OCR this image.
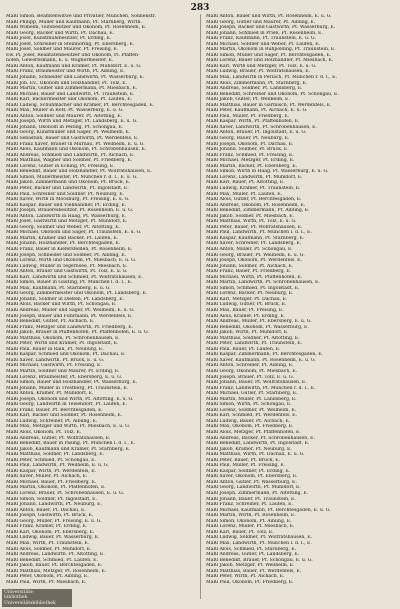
283
Maßl Simon, Beamtenwitwe und Privatier, München, Sonnenstr.
Maßl Philipp, Müller und Kaufmann, Pt. Starnberg, Wirth.
Maßl Wilhelm, Gutsbesitzer und Ökonom, Pt. Rosenheim, E.
Maßl Georg, Bäcker und Wirth, Pt. Dachau, E.
Maßl Josef, Kunstmühlbesitzer, Pt. Erding, E.
Maßl Josef, Schreiner in Steinhöring, Pt. Ebersberg, E.
Maßl Josef, Söldner und Maurer, Pt. Freising, E.
Ew. Pl. Josef, Realitätenbesitzer und Ökonom, Pl. Pfaffen-
hofen, Gewerbsmann, E. u. Wagnermeister, E.
Maßl Anton, Kaufmann und Krämer, Pt. Mühldorf, E. u. G.
Maßl Franz, Bräumeister und Wirth, Pt. Aibling, E.
Maßl Johann, Schneider und Landwirth, Pt. Wasserburg, E.
Maßl Joh. Ev., Ökonom und Holzhändler, Pt. Tölz, E.
Maßl Martin, Gütler und Zimmermann, Pt. Miesbach, E.
Maßl Michael, Bauer und Landwirth, Pt. Traunstein, E.
Maßl Karl, Bäckermeister und Ökonom, Pt. Laufen, E.
Maßl Ludwig, Schuhmacher und Krämer, Pt. Berchtesgaden, E.
Maßl Max, Müller in Rott, Pt. Wasserburg, E. u. G.
Maßl Anton, Söldner und Maurer, Pt. Altötting, E.
Maßl Joseph, Wirth und Metzger, Pt. Landsberg, E. u. G.
Maßl Johann, Ökonom in Peiting, Pt. Schongau, E.
Maßl Georg, Kunstmüller und Säger, Pt. Weilheim, E.
Maßl Sebastian, Bauer und Gastwirth, Pt. Werdenfels, E.
Maßl Franz Xaver, Bräuer in Murnau, Pt. Weilheim, E. u. G.
Maßl Alois, Kaufmann und Ökonom, Pt. Schrobenhausen, E.
Maßl Andreas, Schmied und Landwirth, Pt. Aichach, E.
Maßl Matthias, Wagner und Söldner, Pt. Friedberg, E.
Maßl Lorenz, Gütler in Eching, Pt. Freising, E.
Maßl Benedikt, Bauer und Holzhändler, Pt. Wolfratshausen, E.
Maßl Simon, Müllermeister, Pt. München r. d. I., E. u. G.
Maßl Jakob, Zimmermann und Ökonom, Pt. Bruck, E.
Maßl Peter, Bäcker und Landwirth, Pt. Ingolstadt, E.
Maßl Paul, Schreiner und Söldner, Pt. Neuburg, E.
Maßl Xaver, Wirth in Moosburg, Pt. Freising, E. u. G.
Maßl Kaspar, Bauer und Viehhändler, Pt. Erding, E.
Maßl Joseph, Brauereibesitzer, Pt. Rosenheim, E. u. G.
Maßl Anton, Landwirth in Haag, Pt. Wasserburg, E.
Maßl Josef, Gastwirth und Metzger, Pt. Mühldorf, E.
Maßl Georg, Söldner und Weber, Pt. Altötting, E.
Maßl Michael, Ökonom und Säger, Pt. Traunstein, E. u. G.
Maßl Martin, Krämer und Bäcker, Pt. Laufen, E.
Maßl Johann, Holzhändler, Pt. Berchtesgaden, E.
Maßl Franz, Bauer in Kiefersfelden, Pt. Rosenheim, E.
Maßl Joseph, Schneider und Söldner, Pt. Aibling, E.
Maßl Lorenz, Wirth und Ökonom, Pt. Miesbach, E. u. G.
Maßl Ludwig, Müller in Tegernsee, Pt. Miesbach, E.
Maßl Anton, Bräuer und Gastwirth, Pt. Tölz, E. u. G.
Maßl Karl, Landwirth und Schmied, Pt. Wolfratshausen, E.
Maßl Simon, Bauer in Gauting, Pt. München l. d. I., E.
Maßl Max, Kaufmann, Pt. Starnberg, E. u. G.
Maßl Georg, Zimmermeister und Ökonom, Pt. Landsberg, E.
Maßl Johann, Söldner in Dießen, Pt. Landsberg, E.
Maßl Alois, Bäcker und Wirth, Pt. Schongau, E.
Maßl Andreas, Müller und Säger, Pt. Weilheim, E. u. G.
Maßl Joseph, Bauer und Fuhrmann, Pt. Werdenfels, E.
Maßl Benedikt, Gütler, Pt. Aichach, E.
Maßl Franz, Metzger und Landwirth, Pt. Friedberg, E.
Maßl Jakob, Brauer in Pfaffenhofen, Pt. Pfaffenhofen, E. u. G.
Maßl Matthias, Ökonom, Pt. Schrobenhausen, E.
Maßl Peter, Wirth und Krämer, Pt. Ingolstadt, E.
Maßl Paul, Bauer in Rain, Pt. Neuburg, E.
Maßl Kaspar, Schmied und Ökonom, Pt. Dachau, E.
Maßl Xaver, Landwirth, Pt. Bruck, E. u. G.
Maßl Michael, Gastwirth, Pt. Freising, E.
Maßl Martin, Söldner und Maurer, Pt. Erding, E.
Maßl Lorenz, Bräumeister, Pt. Ebersberg, E. u. G.
Maßl Simon, Bauer und Holzhändler, Pt. Wasserburg, E.
Maßl Johann, Müller in Trostberg, Pt. Traunstein, E.
Maßl Anton, Krämer, Pt. Mühldorf, E.
Maßl Joseph, Ökonom und Wirth, Pt. Altötting, E. u. G.
Maßl Georg, Landwirth in Teisendorf, Pt. Laufen, E.
Maßl Franz, Bauer, Pt. Berchtesgaden, E.
Maßl Karl, Bäcker und Söldner, Pt. Rosenheim, E.
Maßl Ludwig, Schreiner, Pt. Aibling, E.
Maßl Max, Metzger und Wirth, Pt. Miesbach, E. u. G.
Maßl Alois, Ökonom, Pt. Tölz, E.
Maßl Andreas, Gütler, Pt. Wolfratshausen, E.
Maßl Benedikt, Bauer in Pasing, Pt. München l. d. I., E.
Maßl Jakob, Kaufmann und Krämer, Pt. Starnberg, E.
Maßl Matthias, Söldner, Pt. Landsberg, E.
Maßl Peter, Schmied, Pt. Schongau, E.
Maßl Paul, Landwirth, Pt. Weilheim, E. u. G.
Maßl Kaspar, Wirth, Pt. Werdenfels, E.
Maßl Xaver, Müller, Pt. Aichach, E.
Maßl Michael, Bauer, Pt. Friedberg, E.
Maßl Martin, Ökonom, Pt. Pfaffenhofen, E.
Maßl Lorenz, Brauer, Pt. Schrobenhausen, E. u. G.
Maßl Simon, Söldner, Pt. Ingolstadt, E.
Maßl Johann, Landwirth, Pt. Neuburg, E.
Maßl Anton, Bauer, Pt. Dachau, E.
Maßl Joseph, Gastwirth, Pt. Bruck, E.
Maßl Georg, Müller, Pt. Freising, E. u. G.
Maßl Franz, Krämer, Pt. Erding, E.
Maßl Karl, Ökonom, Pt. Ebersberg, E.
Maßl Ludwig, Bauer, Pt. Wasserburg, E.
Maßl Max, Wirth, Pt. Traunstein, E.
Maßl Alois, Söldner, Pt. Mühldorf, E.
Maßl Andreas, Landwirth, Pt. Altötting, E.
Maßl Benedikt, Schmied, Pt. Laufen, E.
Maßl Jakob, Bauer, Pt. Berchtesgaden, E.
Maßl Matthias, Metzger, Pt. Rosenheim, E.
Maßl Peter, Ökonom, Pt. Aibling, E.
Maßl Paul, Wirth, Pt. Miesbach, E.
Maßl Anton, Bauer und Wirth, Pt. Rosenheim, E. u. G.
Maßl Georg, Gütler und Maurer, Pt. Aibling, E.
Maßl Joseph, Bäcker und Gastwirth, Pt. Wasserburg, E.
Maßl Johann, Schmied in Prien, Pt. Rosenheim, E.
Maßl Franz, Kaufmann, Pt. Traunstein, E. u. G.
Maßl Michael, Söldner und Weber, Pt. Laufen, E.
Maßl Martin, Ökonom in Ruhpolding, Pt. Traunstein, E.
Maßl Simon, Müller und Säger, Pt. Berchtesgaden, E.
Maßl Lorenz, Bauer und Holzhändler, Pt. Miesbach, E.
Maßl Karl, Wirth und Metzger, Pt. Tölz, E. u. G.
Maßl Ludwig, Brauer, Pt. Wolfratshausen, E.
Maßl Max, Landwirth in Perlach, Pt. München r. d. I., E.
Maßl Alois, Zimmermann, Pt. Starnberg, E.
Maßl Andreas, Söldner, Pt. Landsberg, E.
Maßl Benedikt, Schreiner und Ökonom, Pt. Schongau, E.
Maßl Jakob, Gütler, Pt. Weilheim, E.
Maßl Matthias, Bauer in Garmisch, Pt. Werdenfels, E.
Maßl Peter, Kaufmann, Pt. Aichach, E. u. G.
Maßl Paul, Müller, Pt. Friedberg, E.
Maßl Kaspar, Wirth, Pt. Pfaffenhofen, E.
Maßl Xaver, Landwirth, Pt. Schrobenhausen, E.
Maßl Anton, Bräuer, Pt. Ingolstadt, E. u. G.
Maßl Georg, Bauer, Pt. Neuburg, E.
Maßl Joseph, Ökonom, Pt. Dachau, E.
Maßl Johann, Söldner, Pt. Bruck, E.
Maßl Franz, Schmied, Pt. Freising, E.
Maßl Michael, Metzger, Pt. Erding, E.
Maßl Martin, Bäcker, Pt. Ebersberg, E.
Maßl Simon, Wirth in Haag, Pt. Wasserburg, E. u. G.
Maßl Lorenz, Landwirth, Pt. Mühldorf, E.
Maßl Karl, Bauer, Pt. Altötting, E.
Maßl Ludwig, Krämer, Pt. Traunstein, E.
Maßl Max, Müller, Pt. Laufen, E.
Maßl Alois, Gütler, Pt. Berchtesgaden, E.
Maßl Andreas, Ökonom, Pt. Rosenheim, E.
Maßl Benedikt, Zimmermann, Pt. Aibling, E.
Maßl Jakob, Söldner, Pt. Miesbach, E.
Maßl Matthias, Wirth, Pt. Tölz, E. u. G.
Maßl Peter, Bauer, Pt. Wolfratshausen, E.
Maßl Paul, Landwirth, Pt. München l. d. I., E.
Maßl Kaspar, Kaufmann, Pt. Starnberg, E.
Maßl Xaver, Schreiner, Pt. Landsberg, E.
Maßl Anton, Müller, Pt. Schongau, E.
Maßl Georg, Brauer, Pt. Weilheim, E. u. G.
Maßl Joseph, Ökonom, Pt. Werdenfels, E.
Maßl Johann, Söldner, Pt. Aichach, E.
Maßl Franz, Bauer, Pt. Friedberg, E.
Maßl Michael, Wirth, Pt. Pfaffenhofen, E.
Maßl Martin, Landwirth, Pt. Schrobenhausen, E.
Maßl Simon, Schmied, Pt. Ingolstadt, E.
Maßl Lorenz, Bäcker, Pt. Neuburg, E.
Maßl Karl, Metzger, Pt. Dachau, E.
Maßl Ludwig, Gütler, Pt. Bruck, E.
Maßl Max, Bauer, Pt. Freising, E.
Maßl Alois, Krämer, Pt. Erding, E.
Maßl Andreas, Müller, Pt. Ebersberg, E. u. G.
Maßl Benedikt, Ökonom, Pt. Wasserburg, E.
Maßl Jakob, Wirth, Pt. Mühldorf, E.
Maßl Matthias, Söldner, Pt. Altötting, E.
Maßl Peter, Landwirth, Pt. Traunstein, E.
Maßl Paul, Bauer, Pt. Laufen, E.
Maßl Kaspar, Zimmermann, Pt. Berchtesgaden, E.
Maßl Xaver, Kaufmann, Pt. Rosenheim, E. u. G.
Maßl Anton, Schreiner, Pt. Aibling, E.
Maßl Georg, Ökonom, Pt. Miesbach, E.
Maßl Joseph, Bräuer, Pt. Tölz, E. u. G.
Maßl Johann, Bauer, Pt. Wolfratshausen, E.
Maßl Franz, Landwirth, Pt. München r. d. I., E.
Maßl Michael, Gütler, Pt. Starnberg, E.
Maßl Martin, Müller, Pt. Landsberg, E.
Maßl Simon, Wirth, Pt. Schongau, E.
Maßl Lorenz, Söldner, Pt. Weilheim, E.
Maßl Karl, Schmied, Pt. Werdenfels, E.
Maßl Ludwig, Bauer, Pt. Aichach, E.
Maßl Max, Ökonom, Pt. Friedberg, E.
Maßl Alois, Metzger, Pt. Pfaffenhofen, E.
Maßl Andreas, Bäcker, Pt. Schrobenhausen, E.
Maßl Benedikt, Landwirth, Pt. Ingolstadt, E.
Maßl Jakob, Krämer, Pt. Neuburg, E.
Maßl Matthias, Wirth, Pt. Dachau, E. u. G.
Maßl Peter, Bauer, Pt. Bruck, E.
Maßl Paul, Müller, Pt. Freising, E.
Maßl Kaspar, Söldner, Pt. Erding, E.
Maßl Xaver, Ökonom, Pt. Ebersberg, E.
Maßl Anton, Gütler, Pt. Wasserburg, E.
Maßl Georg, Landwirth, Pt. Mühldorf, E.
Maßl Joseph, Zimmermann, Pt. Altötting, E.
Maßl Johann, Bauer, Pt. Traunstein, E.
Maßl Franz, Schreiner, Pt. Laufen, E.
Maßl Michael, Kaufmann, Pt. Berchtesgaden, E. u. G.
Maßl Martin, Wirth, Pt. Rosenheim, E.
Maßl Simon, Ökonom, Pt. Aibling, E.
Maßl Lorenz, Müller, Pt. Miesbach, E.
Maßl Karl, Bauer, Pt. Tölz, E.
Maßl Ludwig, Söldner, Pt. Wolfratshausen, E.
Maßl Max, Landwirth, Pt. München l. d. I., E.
Maßl Alois, Schmied, Pt. Starnberg, E.
Maßl Andreas, Gütler, Pt. Landsberg, E.
Maßl Benedikt, Bräuer, Pt. Schongau, E. u. G.
Maßl Jakob, Metzger, Pt. Weilheim, E.
Maßl Matthias, Bauer, Pt. Werdenfels, E.
Maßl Peter, Wirth, Pt. Aichach, E.
Maßl Paul, Ökonom, Pt. Friedberg, E.
Universitäts-
bibliothek
Universitätsbibliothek
